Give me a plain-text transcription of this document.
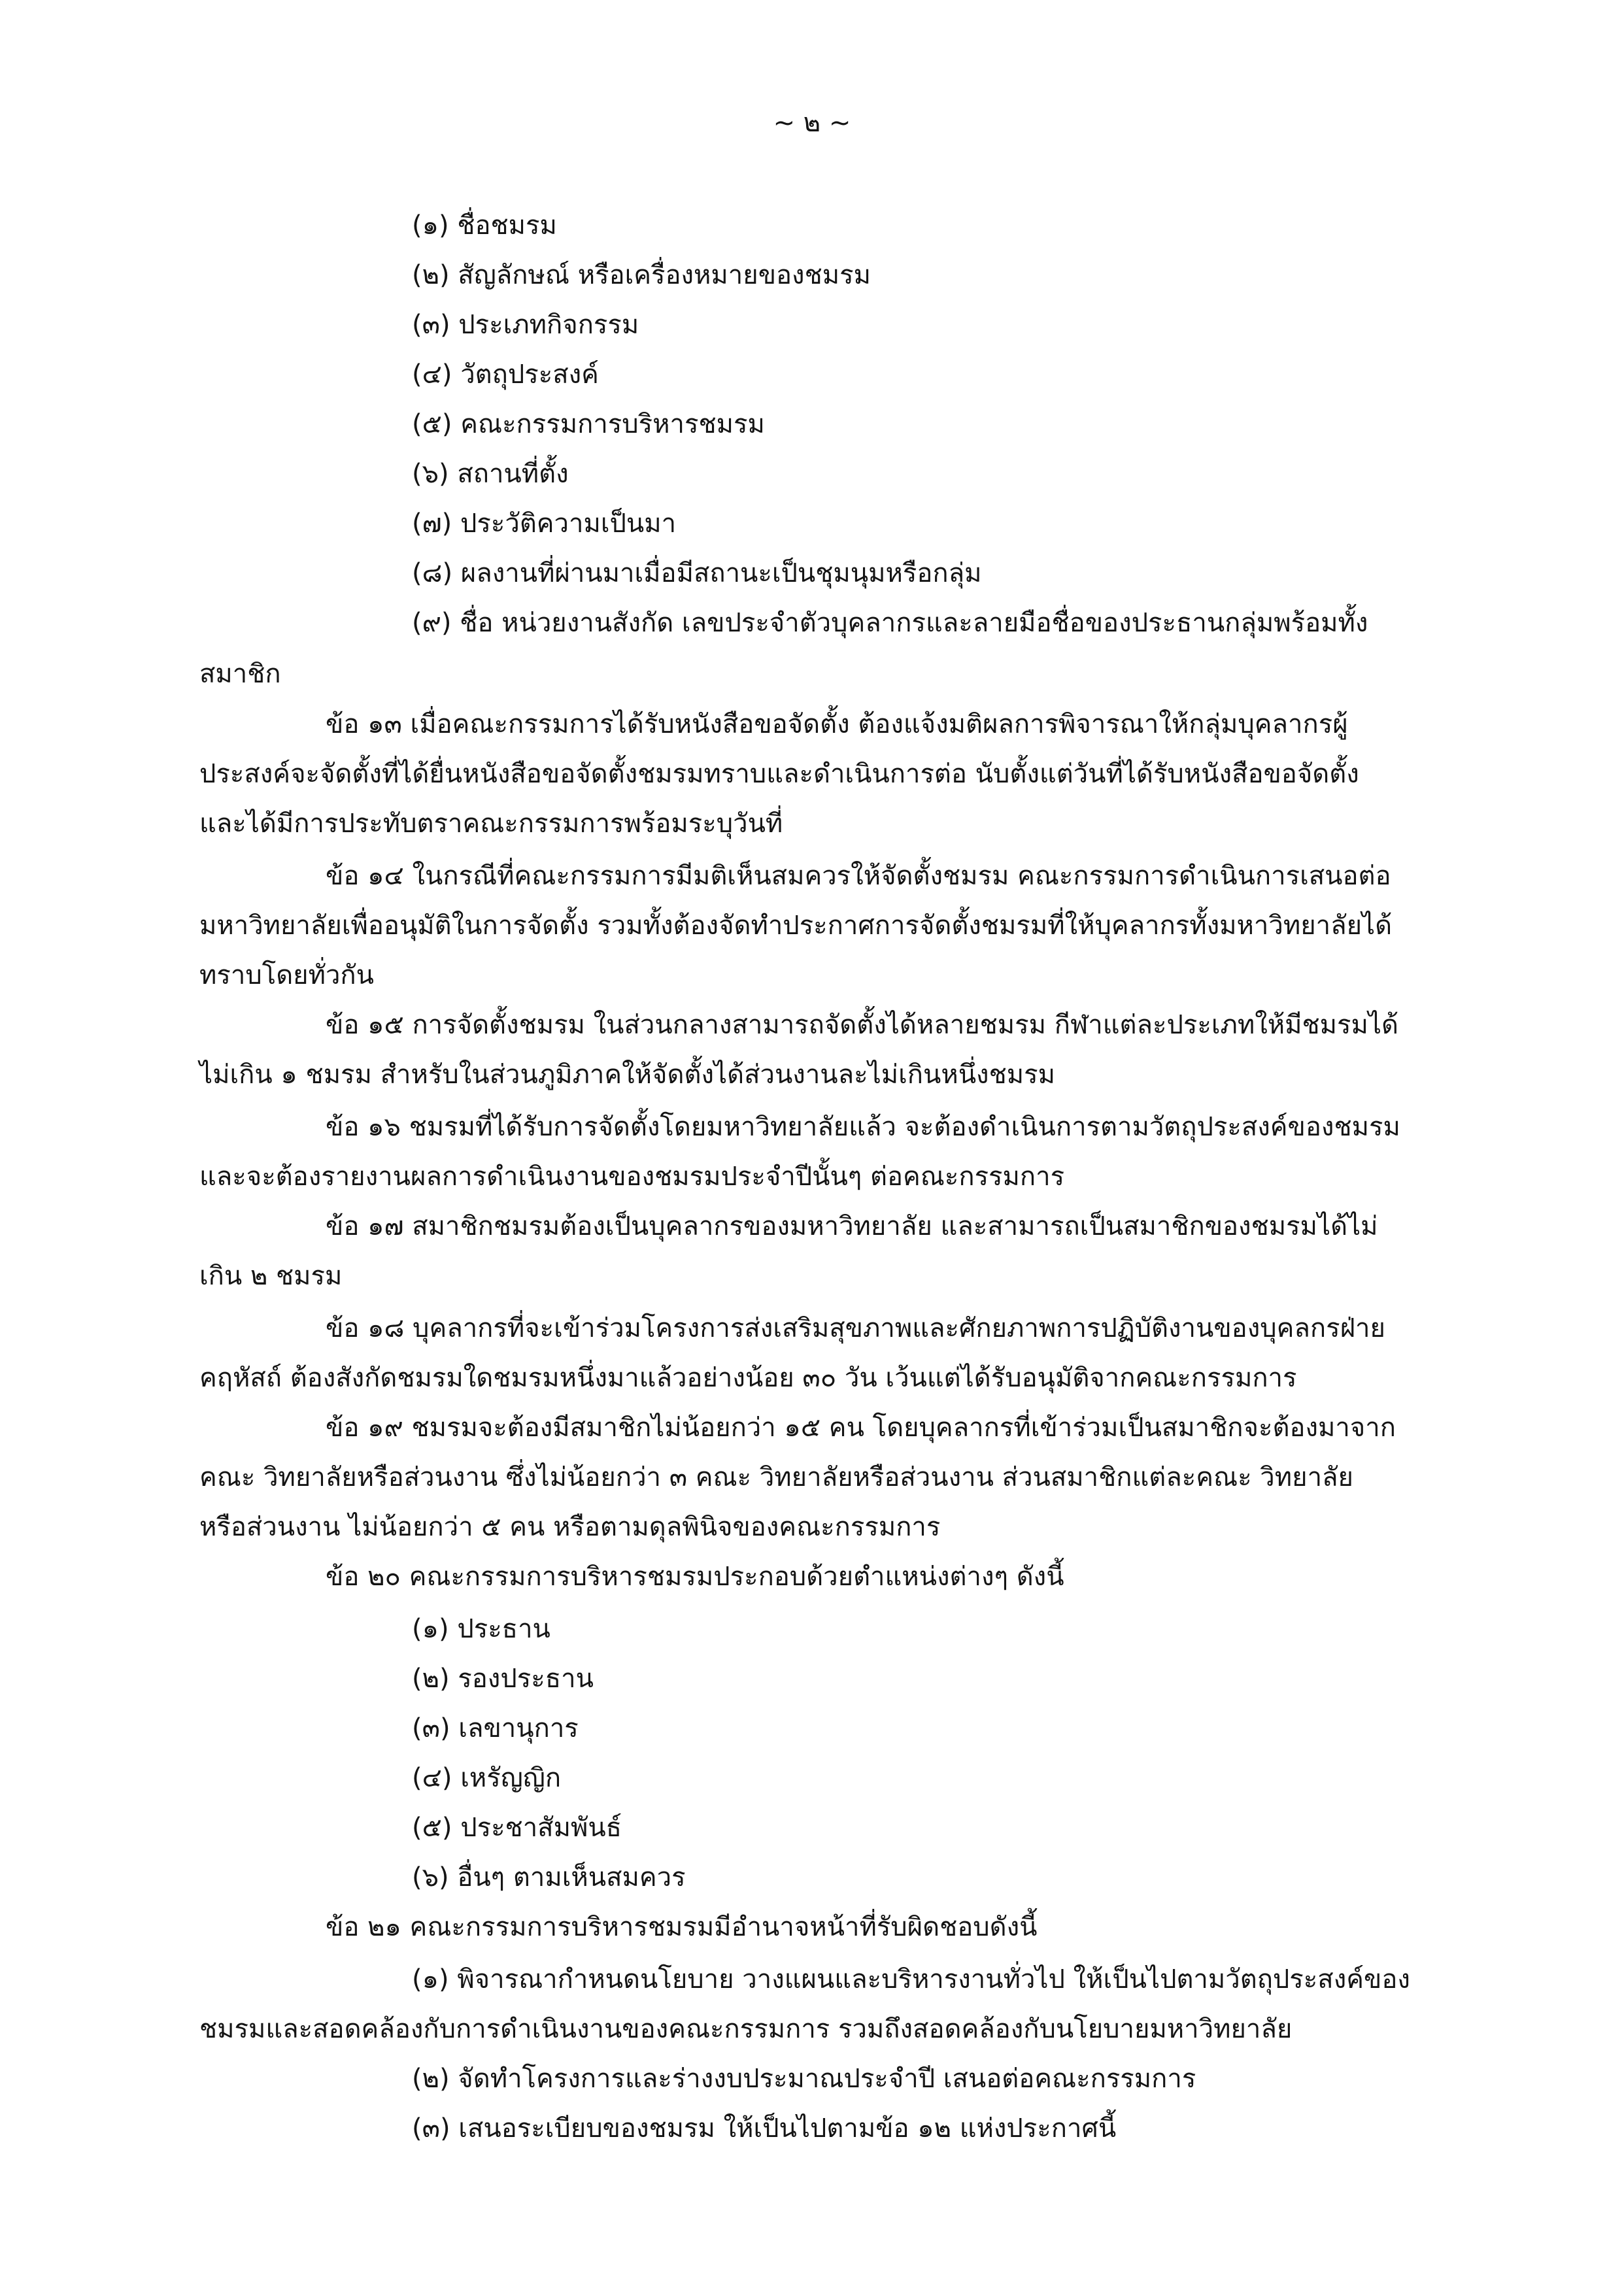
~ ๒ ~
(๑) ชื่อชมรม
(๒) สัญลักษณ์ หรือเครื่องหมายของชมรม
(๓) ประเภทกิจกรรม
(๔) วัตถุประสงค์
(๕) คณะกรรมการบริหารชมรม
(๖) สถานที่ตั้ง
(๗) ประวัติความเป็นมา
(๘) ผลงานที่ผ่านมาเมื่อมีสถานะเป็นชุมนุมหรือกลุ่ม
(๙) ชื่อ หน่วยงานสังกัด เลขประจำตัวบุคลากรและลายมือชื่อของประธานกลุ่มพร้อมทั้ง
สมาชิก
ข้อ ๑๓ เมื่อคณะกรรมการได้รับหนังสือขอจัดตั้ง ต้องแจ้งมติผลการพิจารณาให้กลุ่มบุคลากรผู้
ประสงค์จะจัดตั้งที่ได้ยื่นหนังสือขอจัดตั้งชมรมทราบและดำเนินการต่อ นับตั้งแต่วันที่ได้รับหนังสือขอจัดตั้ง
และได้มีการประทับตราคณะกรรมการพร้อมระบุวันที่
ข้อ ๑๔ ในกรณีที่คณะกรรมการมีมติเห็นสมควรให้จัดตั้งชมรม คณะกรรมการดำเนินการเสนอต่อ
มหาวิทยาลัยเพื่ออนุมัติในการจัดตั้ง รวมทั้งต้องจัดทำประกาศการจัดตั้งชมรมที่ให้บุคลากรทั้งมหาวิทยาลัยได้
ทราบโดยทั่วกัน
ข้อ ๑๕ การจัดตั้งชมรม ในส่วนกลางสามารถจัดตั้งได้หลายชมรม กีฬาแต่ละประเภทให้มีชมรมได้
ไม่เกิน ๑ ชมรม สำหรับในส่วนภูมิภาคให้จัดตั้งได้ส่วนงานละไม่เกินหนึ่งชมรม
ข้อ ๑๖ ชมรมที่ได้รับการจัดตั้งโดยมหาวิทยาลัยแล้ว จะต้องดำเนินการตามวัตถุประสงค์ของชมรม
และจะต้องรายงานผลการดำเนินงานของชมรมประจำปีนั้นๆ ต่อคณะกรรมการ
ข้อ ๑๗ สมาชิกชมรมต้องเป็นบุคลากรของมหาวิทยาลัย และสามารถเป็นสมาชิกของชมรมได้ไม่
เกิน ๒ ชมรม
ข้อ ๑๘ บุคลากรที่จะเข้าร่วมโครงการส่งเสริมสุขภาพและศักยภาพการปฏิบัติงานของบุคลกรฝ่าย
คฤหัสถ์ ต้องสังกัดชมรมใดชมรมหนึ่งมาแล้วอย่างน้อย ๓๐ วัน เว้นแต่ได้รับอนุมัติจากคณะกรรมการ
ข้อ ๑๙ ชมรมจะต้องมีสมาชิกไม่น้อยกว่า ๑๕ คน โดยบุคลากรที่เข้าร่วมเป็นสมาชิกจะต้องมาจาก
คณะ วิทยาลัยหรือส่วนงาน ซึ่งไม่น้อยกว่า ๓ คณะ วิทยาลัยหรือส่วนงาน ส่วนสมาชิกแต่ละคณะ วิทยาลัย
หรือส่วนงาน ไม่น้อยกว่า ๕ คน หรือตามดุลพินิจของคณะกรรมการ
ข้อ ๒๐ คณะกรรมการบริหารชมรมประกอบด้วยตำแหน่งต่างๆ ดังนี้
(๑) ประธาน
(๒) รองประธาน
(๓) เลขานุการ
(๔) เหรัญญิก
(๕) ประชาสัมพันธ์
(๖) อื่นๆ ตามเห็นสมควร
ข้อ ๒๑ คณะกรรมการบริหารชมรมมีอำนาจหน้าที่รับผิดชอบดังนี้
(๑) พิจารณากำหนดนโยบาย วางแผนและบริหารงานทั่วไป ให้เป็นไปตามวัตถุประสงค์ของ
ชมรมและสอดคล้องกับการดำเนินงานของคณะกรรมการ รวมถึงสอดคล้องกับนโยบายมหาวิทยาลัย
(๒) จัดทำโครงการและร่างงบประมาณประจำปี เสนอต่อคณะกรรมการ
(๓) เสนอระเบียบของชมรม ให้เป็นไปตามข้อ ๑๒ แห่งประกาศนี้
